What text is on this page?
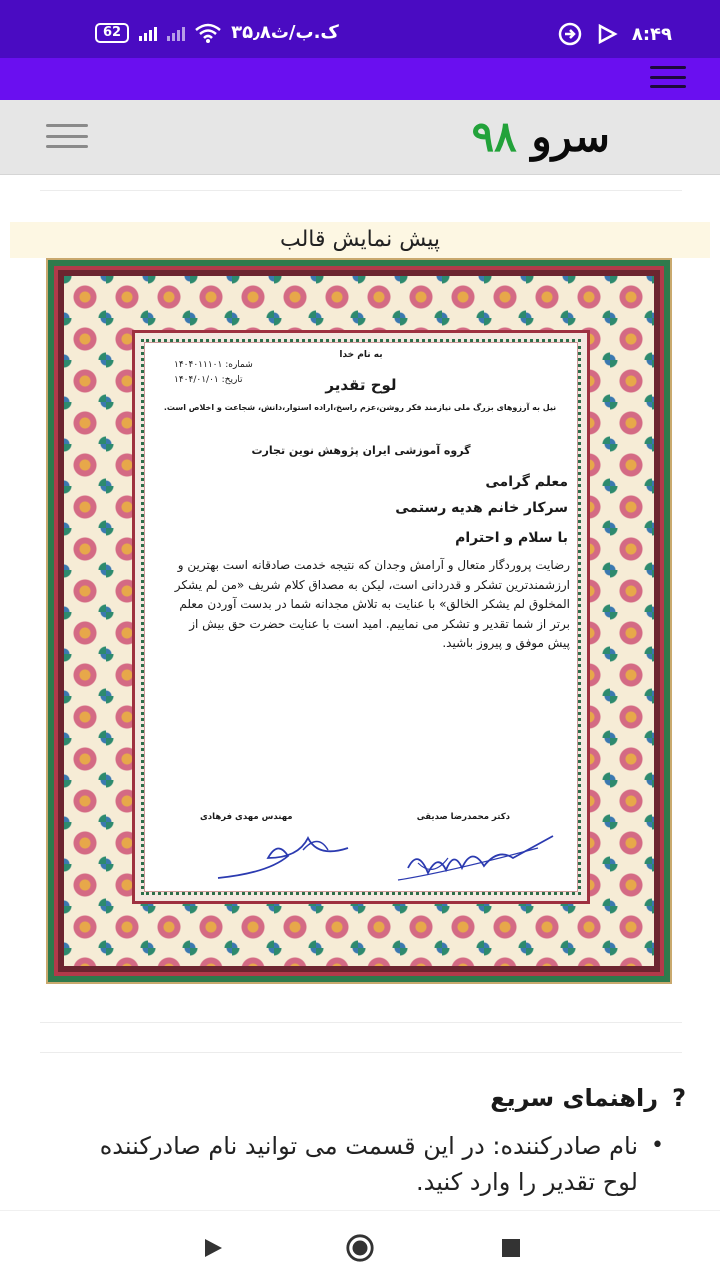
62	۳۵٫۸ک.ب/ث	۸:۴۹
سرو ۹۸
پیش نمایش قالب
به نام خدا
شماره: ۱۴۰۴۰۱۱۱۰۱
تاریخ: ۱۴۰۴/۰۱/۰۱	لوح تقدیر
نیل به آرزوهای بزرگ ملی نیازمند فکر روشن،عزم راسخ،اراده استوار،دانش، شجاعت و اخلاص است.
گروه آموزشی ایران پژوهش نوین تجارت
معلم گرامی
سرکار خانم هدیه رستمی
با سلام و احترام
رضایت پروردگار متعال و آرامش وجدان که نتیجه خدمت صادقانه است بهترین و ارزشمندترین تشکر و قدردانی است، لیکن به مصداق کلام شریف «من لم یشکر المخلوق لم یشکر الخالق» با عنایت به تلاش مجدانه شما در بدست آوردن معلم برتر از شما تقدیر و تشکر می نماییم. امید است با عنایت حضرت حق بیش از پیش موفق و پیروز باشید.
دکتر محمدرضا صدیقی
مهندس مهدی فرهادی
?
راهنمای سریع
• نام صادرکننده: در این قسمت می توانید نام صادرکننده لوح تقدیر را وارد کنید.
